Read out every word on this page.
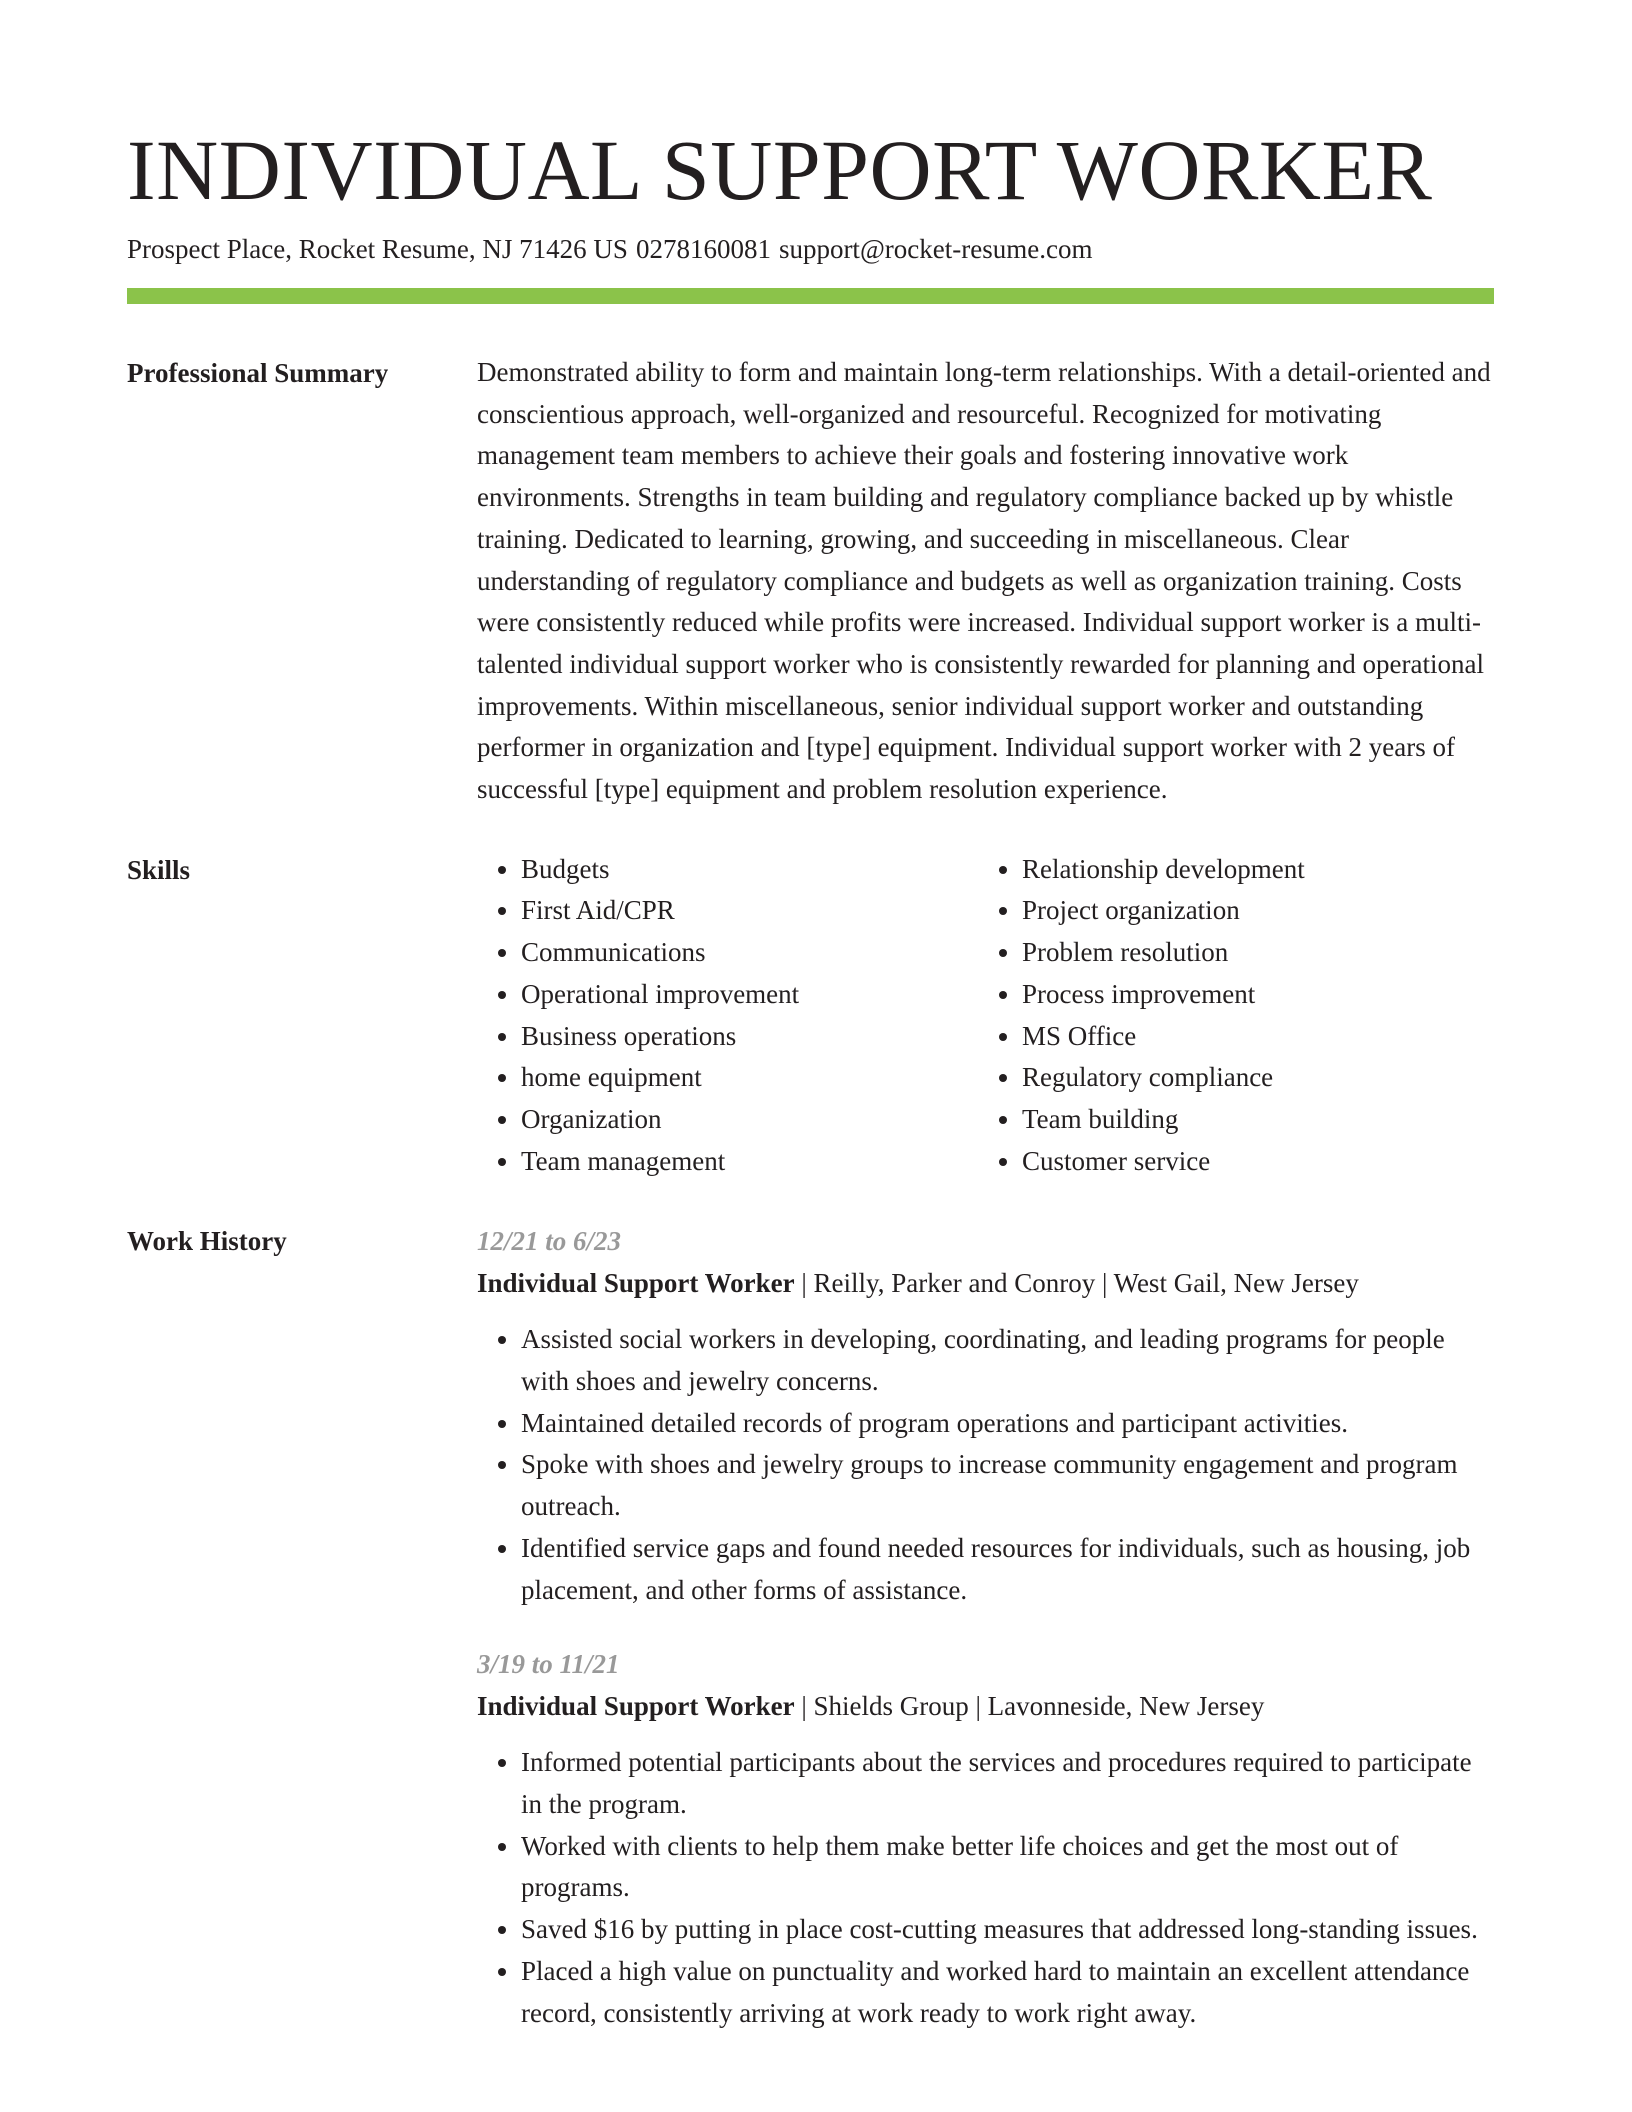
INDIVIDUAL SUPPORT WORKER
Prospect Place, Rocket Resume, NJ 71426 US 0278160081 support@rocket-resume.com
Professional Summary	Demonstrated ability to form and maintain long-term relationships. With a detail-oriented and conscientious approach, well-organized and resourceful. Recognized for motivating management team members to achieve their goals and fostering innovative work environments. Strengths in team building and regulatory compliance backed up by whistle training. Dedicated to learning, growing, and succeeding in miscellaneous. Clear understanding of regulatory compliance and budgets as well as organization training. Costs were consistently reduced while profits were increased. Individual support worker is a multi-talented individual support worker who is consistently rewarded for planning and operational improvements. Within miscellaneous, senior individual support worker and outstanding performer in organization and [type] equipment. Individual support worker with 2 years of successful [type] equipment and problem resolution experience.

Skills
•	Budgets
• First Aid/CPR
• Communications
• Operational improvement
• Business operations
• home equipment
• Organization
• Team management
• Relationship development
• Project organization
• Problem resolution
• Process improvement
• MS Office
• Regulatory compliance
• Team building
• Customer service
Work History	12/21 to 6/23
Individual Support Worker | Reilly, Parker and Conroy | West Gail, New Jersey
• Assisted social workers in developing, coordinating, and leading programs for people with shoes and jewelry concerns.
• Maintained detailed records of program operations and participant activities.
• Spoke with shoes and jewelry groups to increase community engagement and program outreach.
• Identified service gaps and found needed resources for individuals, such as housing, job placement, and other forms of assistance.
3/19 to 11/21
Individual Support Worker | Shields Group | Lavonneside, New Jersey
• Informed potential participants about the services and procedures required to participate in the program.
• Worked with clients to help them make better life choices and get the most out of programs.
• Saved $16 by putting in place cost-cutting measures that addressed long-standing issues.
• Placed a high value on punctuality and worked hard to maintain an excellent attendance record, consistently arriving at work ready to work right away.
